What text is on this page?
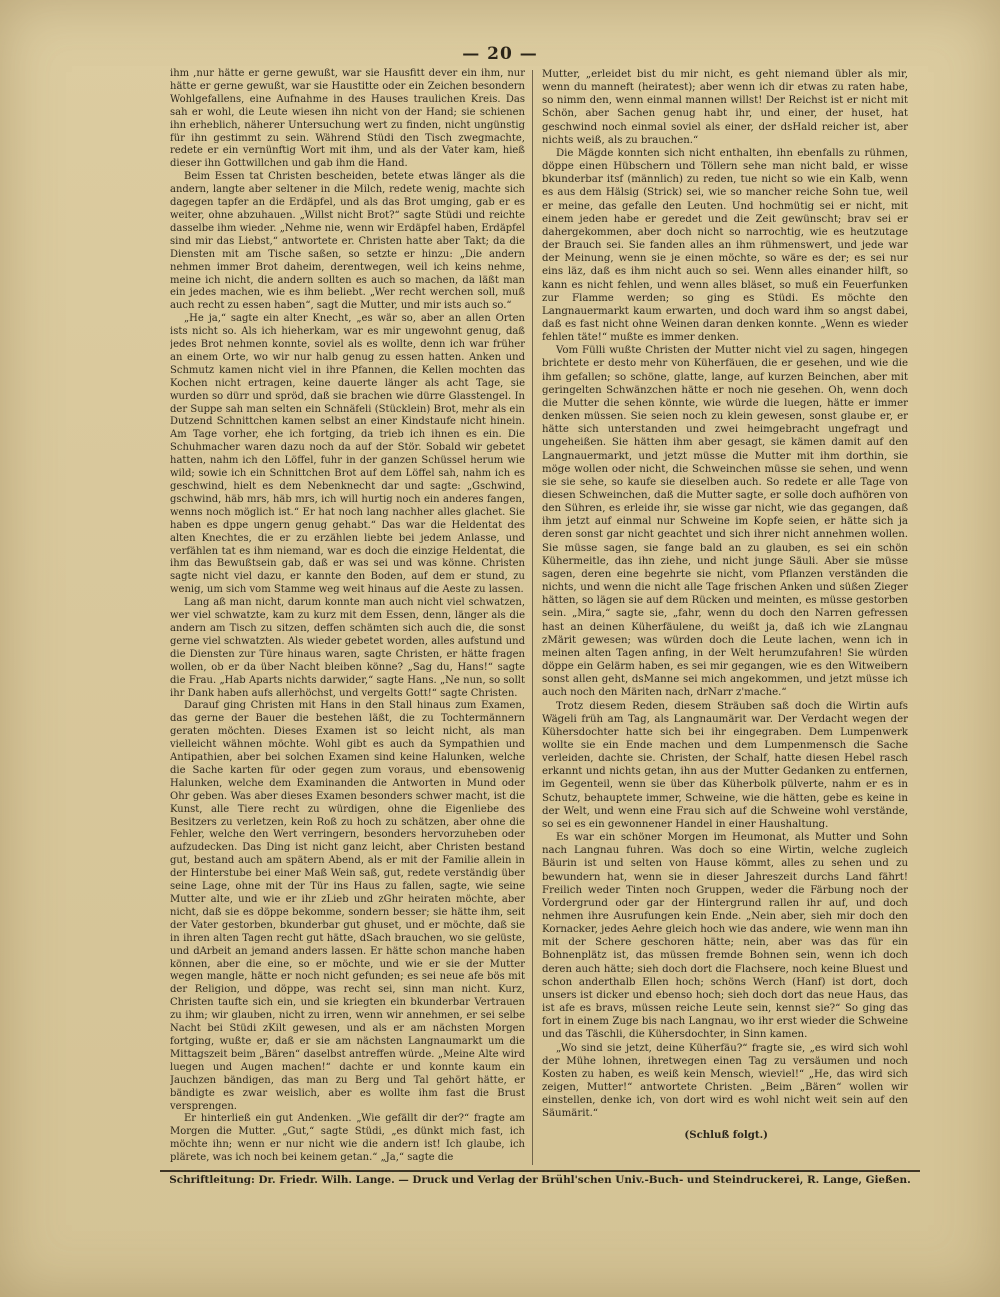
— 20 —

ihm ,nur hätte er gerne gewußt, war sie Hausfitt dever ein ihm, nur hätte er gerne gewußt, war sie Haustitte oder ein Zeichen besondern Wohlgefallens, eine Aufnahme in des Hauses traulichen Kreis. Das sah er wohl, die Leute wiesen ihn nicht von der Hand; sie schienen ihn erheblich, näherer Untersuchung wert zu finden, nicht ungünstig für ihn gestimmt zu sein. Während Stüdi den Tisch zwegmachte, redete er ein vernünftig Wort mit ihm, und als der Vater kam, hieß dieser ihn Gottwillchen und gab ihm die Hand.

Beim Essen tat Christen bescheiden, betete etwas länger als die andern, langte aber seltener in die Milch, redete wenig, machte sich dagegen tapfer an die Erdäpfel, und als das Brot umging, gab er es weiter, ohne abzuhauen. „Willst nicht Brot?“ sagte Stüdi und reichte dasselbe ihm wieder. „Nehme nie, wenn wir Erdäpfel haben, Erdäpfel sind mir das Liebst,“ antwortete er. Christen hatte aber Takt; da die Diensten mit am Tische saßen, so setzte er hinzu: „Die andern nehmen immer Brot daheim, derentwegen, weil ich keins nehme, meine ich nicht, die andern sollten es auch so machen, da läßt man ein jedes machen, wie es ihm beliebt. „Wer recht werchen soll, muß auch recht zu essen haben“, sagt die Mutter, und mir ists auch so.“

„He ja,“ sagte ein alter Knecht, „es wär so, aber an allen Orten ists nicht so. Als ich hieherkam, war es mir ungewohnt genug, daß jedes Brot nehmen konnte, soviel als es wollte, denn ich war früher an einem Orte, wo wir nur halb genug zu essen hatten. Anken und Schmutz kamen nicht viel in ihre Pfannen, die Kellen mochten das Kochen nicht ertragen, keine dauerte länger als acht Tage, sie wurden so dürr und spröd, daß sie brachen wie dürre Glasstengel. In der Suppe sah man selten ein Schnäfeli (Stücklein) Brot, mehr als ein Dutzend Schnittchen kamen selbst an einer Kindstaufe nicht hinein. Am Tage vorher, ehe ich fortging, da trieb ich ihnen es ein. Die Schuhmacher waren dazu noch da auf der Stör. Sobald wir gebetet hatten, nahm ich den Löffel, fuhr in der ganzen Schüssel herum wie wild; sowie ich ein Schnittchen Brot auf dem Löffel sah, nahm ich es geschwind, hielt es dem Nebenknecht dar und sagte: „Gschwind, gschwind, häb mrs, häb mrs, ich will hurtig noch ein anderes fangen, wenns noch möglich ist.“ Er hat noch lang nachher alles glachet. Sie haben es dppe ungern genug gehabt.“ Das war die Heldentat des alten Knechtes, die er zu erzählen liebte bei jedem Anlasse, und verfählen tat es ihm niemand, war es doch die einzige Heldentat, die ihm das Bewußtsein gab, daß er was sei und was könne. Christen sagte nicht viel dazu, er kannte den Boden, auf dem er stund, zu wenig, um sich vom Stamme weg weit hinaus auf die Aeste zu lassen.

Lang aß man nicht, darum konnte man auch nicht viel schwatzen, wer viel schwatzte, kam zu kurz mit dem Essen, denn, länger als die andern am Tisch zu sitzen, deffen schämten sich auch die, die sonst gerne viel schwatzten. Als wieder gebetet worden, alles aufstund und die Diensten zur Türe hinaus waren, sagte Christen, er hätte fragen wollen, ob er da über Nacht bleiben könne? „Sag du, Hans!“ sagte die Frau. „Hab Aparts nichts darwider,“ sagte Hans. „Ne nun, so sollt ihr Dank haben aufs allerhöchst, und vergelts Gott!“ sagte Christen.

Darauf ging Christen mit Hans in den Stall hinaus zum Examen, das gerne der Bauer die bestehen läßt, die zu Tochtermännern geraten möchten. Dieses Examen ist so leicht nicht, als man vielleicht wähnen möchte. Wohl gibt es auch da Sympathien und Antipathien, aber bei solchen Examen sind keine Halunken, welche die Sache karten für oder gegen zum voraus, und ebensowenig Halunken, welche dem Examinanden die Antworten in Mund oder Ohr geben. Was aber dieses Examen besonders schwer macht, ist die Kunst, alle Tiere recht zu würdigen, ohne die Eigenliebe des Besitzers zu verletzen, kein Roß zu hoch zu schätzen, aber ohne die Fehler, welche den Wert verringern, besonders hervorzuheben oder aufzudecken. Das Ding ist nicht ganz leicht, aber Christen bestand gut, bestand auch am spätern Abend, als er mit der Familie allein in der Hinterstube bei einer Maß Wein saß, gut, redete verständig über seine Lage, ohne mit der Tür ins Haus zu fallen, sagte, wie seine Mutter alte, und wie er ihr zLieb und zGhr heiraten möchte, aber nicht, daß sie es döppe bekomme, sondern besser; sie hätte ihm, seit der Vater gestorben, bkunderbar gut ghuset, und er möchte, daß sie in ihren alten Tagen recht gut hätte, dSach brauchen, wo sie gelüste, und dArbeit an jemand anders lassen. Er hätte schon manche haben können, aber die eine, so er möchte, und wie er sie der Mutter wegen mangle, hätte er noch nicht gefunden; es sei neue afe bös mit der Religion, und döppe, was recht sei, sinn man nicht. Kurz, Christen taufte sich ein, und sie kriegten ein bkunderbar Vertrauen zu ihm; wir glauben, nicht zu irren, wenn wir annehmen, er sei selbe Nacht bei Stüdi zKilt gewesen, und als er am nächsten Morgen fortging, wußte er, daß er sie am nächsten Langnaumarkt um die Mittagszeit beim „Bären“ daselbst antreffen würde. „Meine Alte wird luegen und Augen machen!“ dachte er und konnte kaum ein Jauchzen bändigen, das man zu Berg und Tal gehört hätte, er bändigte es zwar weislich, aber es wollte ihm fast die Brust versprengen.

Er hinterließ ein gut Andenken. „Wie gefällt dir der?“ fragte am Morgen die Mutter. „Gut,“ sagte Stüdi, „es dünkt mich fast, ich möchte ihn; wenn er nur nicht wie die andern ist! Ich glaube, ich plärete, was ich noch bei keinem getan.“ „Ja,“ sagte die

Mutter, „erleidet bist du mir nicht, es geht niemand übler als mir, wenn du manneft (heiratest); aber wenn ich dir etwas zu raten habe, so nimm den, wenn einmal mannen willst! Der Reichst ist er nicht mit Schön, aber Sachen genug habt ihr, und einer, der huset, hat geschwind noch einmal soviel als einer, der dsHald reicher ist, aber nichts weiß, als zu brauchen.“

Die Mägde konnten sich nicht enthalten, ihn ebenfalls zu rühmen, döppe einen Hübschern und Töllern sehe man nicht bald, er wisse bkunderbar itsf (männlich) zu reden, tue nicht so wie ein Kalb, wenn es aus dem Hälsig (Strick) sei, wie so mancher reiche Sohn tue, weil er meine, das gefalle den Leuten. Und hochmütig sei er nicht, mit einem jeden habe er geredet und die Zeit gewünscht; brav sei er dahergekommen, aber doch nicht so narrochtig, wie es heutzutage der Brauch sei. Sie fanden alles an ihm rühmenswert, und jede war der Meinung, wenn sie je einen möchte, so wäre es der; es sei nur eins läz, daß es ihm nicht auch so sei. Wenn alles einander hilft, so kann es nicht fehlen, und wenn alles bläset, so muß ein Feuerfunken zur Flamme werden; so ging es Stüdi. Es möchte den Langnauermarkt kaum erwarten, und doch ward ihm so angst dabei, daß es fast nicht ohne Weinen daran denken konnte. „Wenn es wieder fehlen täte!“ mußte es immer denken.

Vom Fülli wußte Christen der Mutter nicht viel zu sagen, hingegen brichtete er desto mehr von Küherfäuen, die er gesehen, und wie die ihm gefallen; so schöne, glatte, lange, auf kurzen Beinchen, aber mit geringelten Schwänzchen hätte er noch nie gesehen. Oh, wenn doch die Mutter die sehen könnte, wie würde die luegen, hätte er immer denken müssen. Sie seien noch zu klein gewesen, sonst glaube er, er hätte sich unterstanden und zwei heimgebracht ungefragt und ungeheißen. Sie hätten ihm aber gesagt, sie kämen damit auf den Langnauermarkt, und jetzt müsse die Mutter mit ihm dorthin, sie möge wollen oder nicht, die Schweinchen müsse sie sehen, und wenn sie sie sehe, so kaufe sie dieselben auch. So redete er alle Tage von diesen Schweinchen, daß die Mutter sagte, er solle doch aufhören von den Sühren, es erleide ihr, sie wisse gar nicht, wie das gegangen, daß ihm jetzt auf einmal nur Schweine im Kopfe seien, er hätte sich ja deren sonst gar nicht geachtet und sich ihrer nicht annehmen wollen. Sie müsse sagen, sie fange bald an zu glauben, es sei ein schön Kühermeitle, das ihn ziehe, und nicht junge Säuli. Aber sie müsse sagen, deren eine begehrte sie nicht, vom Pflanzen verständen die nichts, und wenn die nicht alle Tage frischen Anken und süßen Zieger hätten, so lägen sie auf dem Rücken und meinten, es müsse gestorben sein. „Mira,“ sagte sie, „fahr, wenn du doch den Narren gefressen hast an deinen Küherfäulene, du weißt ja, daß ich wie zLangnau zMärit gewesen; was würden doch die Leute lachen, wenn ich in meinen alten Tagen anfing, in der Welt herumzufahren! Sie würden döppe ein Gelärm haben, es sei mir gegangen, wie es den Witweibern sonst allen geht, dsManne sei mich angekommen, und jetzt müsse ich auch noch den Märiten nach, drNarr z'mache.“

Trotz diesem Reden, diesem Sträuben saß doch die Wirtin aufs Wägeli früh am Tag, als Langnaumärit war. Der Verdacht wegen der Kühersdochter hatte sich bei ihr eingegraben. Dem Lumpenwerk wollte sie ein Ende machen und dem Lumpenmensch die Sache verleiden, dachte sie. Christen, der Schalf, hatte diesen Hebel rasch erkannt und nichts getan, ihn aus der Mutter Gedanken zu entfernen, im Gegenteil, wenn sie über das Küherbolk pülverte, nahm er es in Schutz, behauptete immer, Schweine, wie die hätten, gebe es keine in der Welt, und wenn eine Frau sich auf die Schweine wohl verstände, so sei es ein gewonnener Handel in einer Haushaltung.

Es war ein schöner Morgen im Heumonat, als Mutter und Sohn nach Langnau fuhren. Was doch so eine Wirtin, welche zugleich Bäurin ist und selten von Hause kömmt, alles zu sehen und zu bewundern hat, wenn sie in dieser Jahreszeit durchs Land fährt! Freilich weder Tinten noch Gruppen, weder die Färbung noch der Vordergrund oder gar der Hintergrund rallen ihr auf, und doch nehmen ihre Ausrufungen kein Ende. „Nein aber, sieh mir doch den Kornacker, jedes Aehre gleich hoch wie das andere, wie wenn man ihn mit der Schere geschoren hätte; nein, aber was das für ein Bohnenplätz ist, das müssen fremde Bohnen sein, wenn ich doch deren auch hätte; sieh doch dort die Flachsere, noch keine Bluest und schon anderthalb Ellen hoch; schöns Werch (Hanf) ist dort, doch unsers ist dicker und ebenso hoch; sieh doch dort das neue Haus, das ist afe es bravs, müssen reiche Leute sein, kennst sie?“ So ging das fort in einem Zuge bis nach Langnau, wo ihr erst wieder die Schweine und das Täschli, die Kühersdochter, in Sinn kamen.

„Wo sind sie jetzt, deine Küherfäu?“ fragte sie, „es wird sich wohl der Mühe lohnen, ihretwegen einen Tag zu versäumen und noch Kosten zu haben, es weiß kein Mensch, wieviel!“ „He, das wird sich zeigen, Mutter!“ antwortete Christen. „Beim „Bären“ wollen wir einstellen, denke ich, von dort wird es wohl nicht weit sein auf den Säumärit.“

(Schluß folgt.)
Schriftleitung: Dr. Friedr. Wilh. Lange. — Druck und Verlag der Brühl'schen Univ.-Buch- und Steindruckerei, R. Lange, Gießen.
